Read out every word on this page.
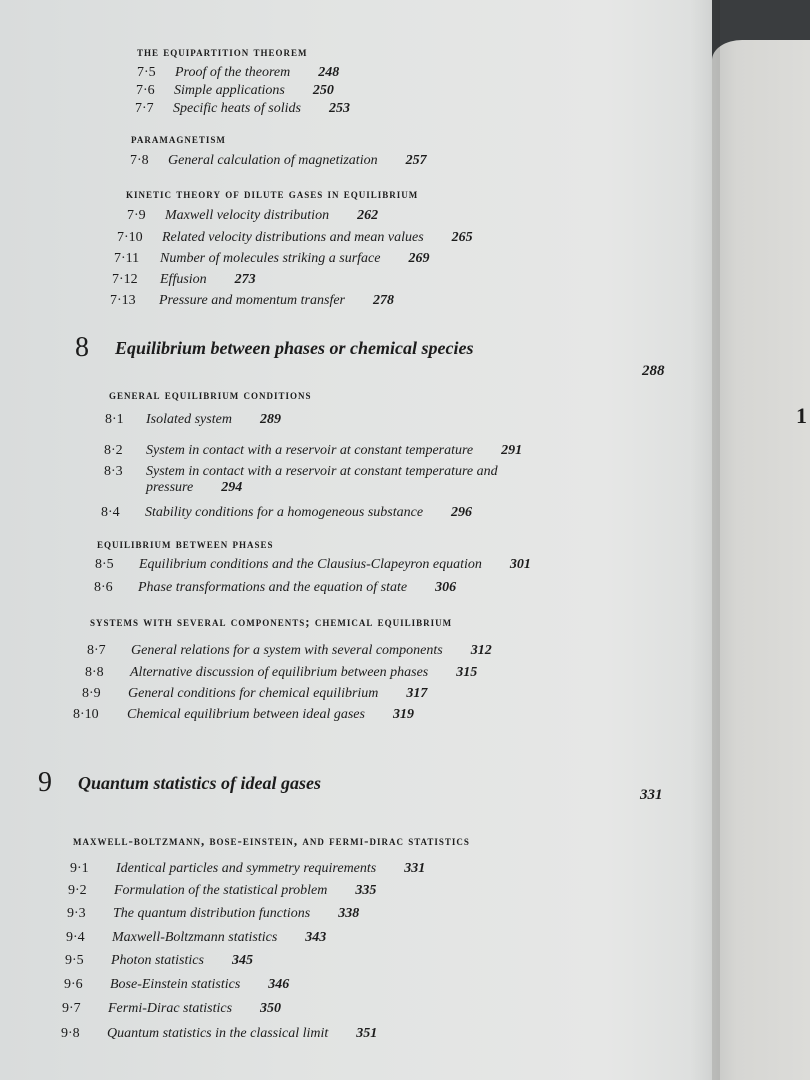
1
the equipartition theorem
7·5 Proof of the theorem 248
7·6 Simple applications 250
7·7 Specific heats of solids 253
paramagnetism
7·8 General calculation of magnetization 257
kinetic theory of dilute gases in equilibrium
7·9 Maxwell velocity distribution 262
7·10 Related velocity distributions and mean values 265
7·11 Number of molecules striking a surface 269
7·12 Effusion 273
7·13 Pressure and momentum transfer 278
8 Equilibrium between phases or chemical species
288
general equilibrium conditions
8·1 Isolated system 289
8·2 System in contact with a reservoir at constant temperature 291
8·3 System in contact with a reservoir at constant temperature and
pressure 294
8·4 Stability conditions for a homogeneous substance 296
equilibrium between phases
8·5 Equilibrium conditions and the Clausius-Clapeyron equation 301
8·6 Phase transformations and the equation of state 306
systems with several components; chemical equilibrium
8·7 General relations for a system with several components 312
8·8 Alternative discussion of equilibrium between phases 315
8·9 General conditions for chemical equilibrium 317
8·10 Chemical equilibrium between ideal gases 319
9 Quantum statistics of ideal gases
331
maxwell-boltzmann, bose-einstein, and fermi-dirac statistics
9·1 Identical particles and symmetry requirements 331
9·2 Formulation of the statistical problem 335
9·3 The quantum distribution functions 338
9·4 Maxwell-Boltzmann statistics 343
9·5 Photon statistics 345
9·6 Bose-Einstein statistics 346
9·7 Fermi-Dirac statistics 350
9·8 Quantum statistics in the classical limit 351
